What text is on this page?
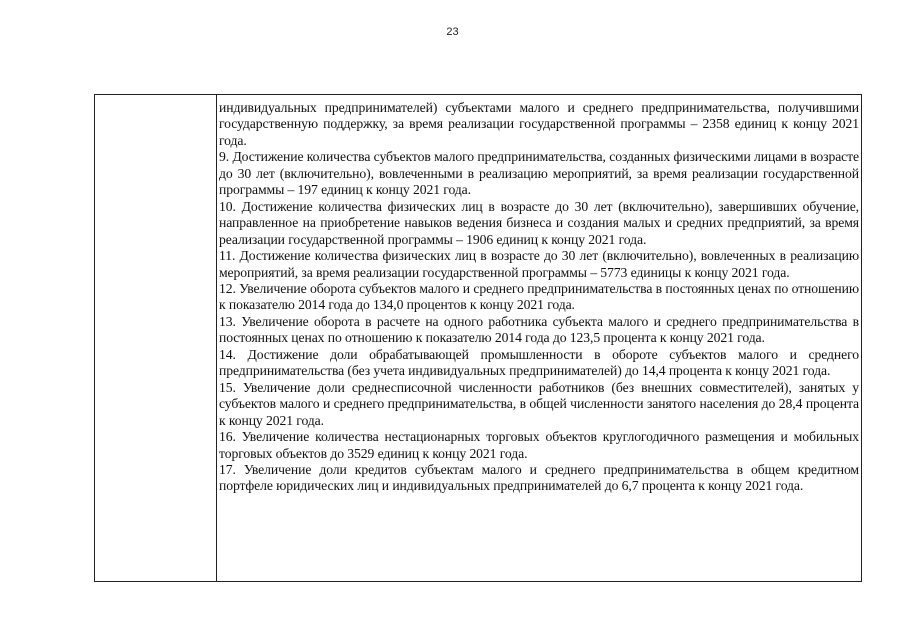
23

индивидуальных предпринимателей) субъектами малого и среднего предпринимательства, получившими государственную поддержку, за время реализации государственной программы – 2358 единиц к концу 2021 года.

9. Достижение количества субъектов малого предпринимательства, созданных физическими лицами в возрасте до 30 лет (включительно), вовлеченными в реализацию мероприятий, за время реализации государственной программы – 197 единиц к концу 2021 года.

10. Достижение количества физических лиц в возрасте до 30 лет (включительно), завершивших обучение, направленное на приобретение навыков ведения бизнеса и создания малых и средних предприятий, за время реализации государственной программы – 1906 единиц к концу 2021 года.

11. Достижение количества физических лиц в возрасте до 30 лет (включительно), вовлеченных в реализацию мероприятий, за время реализации государственной программы – 5773 единицы к концу 2021 года.

12. Увеличение оборота субъектов малого и среднего предпринимательства в постоянных ценах по отношению к показателю 2014 года до 134,0 процентов к концу 2021 года.

13. Увеличение оборота в расчете на одного работника субъекта малого и среднего предпринимательства в постоянных ценах по отношению к показателю 2014 года до 123,5 процента к концу 2021 года.

14. Достижение доли обрабатывающей промышленности в обороте субъектов малого и среднего предпринимательства (без учета индивидуальных предпринимателей) до 14,4 процента к концу 2021 года.

15. Увеличение доли среднесписочной численности работников (без внешних совместителей), занятых у субъектов малого и среднего предпринимательства, в общей численности занятого населения до 28,4 процента к концу 2021 года.

16. Увеличение количества нестационарных торговых объектов круглогодичного размещения и мобильных торговых объектов до 3529 единиц к концу 2021 года.

17. Увеличение доли кредитов субъектам малого и среднего предпринимательства в общем кредитном портфеле юридических лиц и индивидуальных предпринимателей до 6,7 процента к концу 2021 года.
